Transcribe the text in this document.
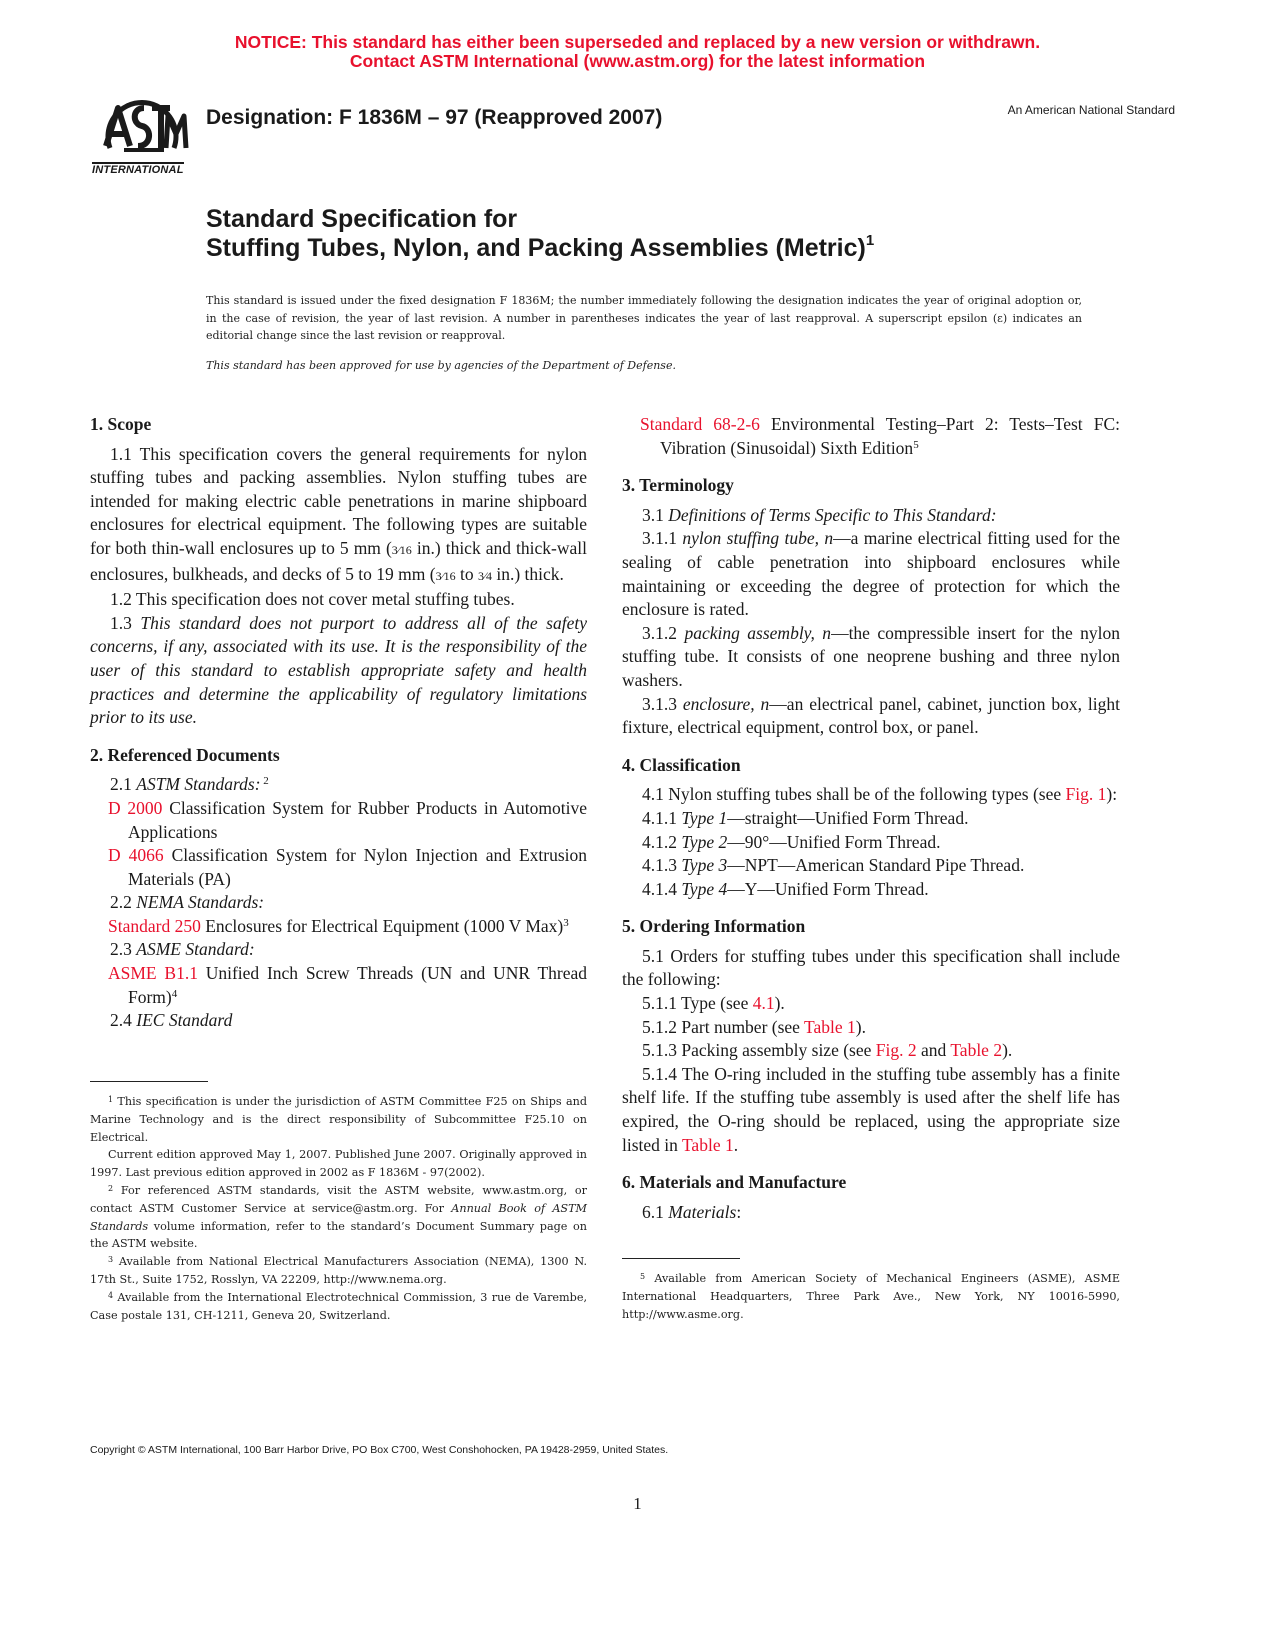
NOTICE: This standard has either been superseded and replaced by a new version or withdrawn.
Contact ASTM International (www.astm.org) for the latest information
INTERNATIONAL
Designation: F 1836M – 97 (Reapproved 2007)	An American National Standard
Standard Specification for
Stuffing Tubes, Nylon, and Packing Assemblies (Metric)$^1$
This standard is issued under the fixed designation F 1836M; the number immediately following the designation indicates the year of original adoption or, in the case of revision, the year of last revision. A number in parentheses indicates the year of last reapproval. A superscript epsilon (ε) indicates an editorial change since the last revision or reapproval.
This standard has been approved for use by agencies of the Department of Defense.

1. Scope

1.1 This specification covers the general requirements for nylon stuffing tubes and packing assemblies. Nylon stuffing tubes are intended for making electric cable penetrations in marine shipboard enclosures for electrical equipment. The following types are suitable for both thin-wall enclosures up to 5 mm (3⁄16 in.) thick and thick-wall enclosures, bulkheads, and decks of 5 to 19 mm (3⁄16 to 3⁄4 in.) thick.

1.2 This specification does not cover metal stuffing tubes.

1.3 This standard does not purport to address all of the safety concerns, if any, associated with its use. It is the responsibility of the user of this standard to establish appropriate safety and health practices and determine the applicability of regulatory limitations prior to its use.

2. Referenced Documents

2.1 ASTM Standards: $^2$

D 2000 Classification System for Rubber Products in Automotive Applications

D 4066 Classification System for Nylon Injection and Extrusion Materials (PA)

2.2 NEMA Standards:

Standard 250 Enclosures for Electrical Equipment (1000 V Max)$^3$

2.3 ASME Standard:

ASME B1.1 Unified Inch Screw Threads (UN and UNR Thread Form)$^4$

2.4 IEC Standard

$^1$ This specification is under the jurisdiction of ASTM Committee F25 on Ships and Marine Technology and is the direct responsibility of Subcommittee F25.10 on Electrical.

Current edition approved May 1, 2007. Published June 2007. Originally approved in 1997. Last previous edition approved in 2002 as F 1836M - 97(2002).

$^2$ For referenced ASTM standards, visit the ASTM website, www.astm.org, or contact ASTM Customer Service at service@astm.org. For Annual Book of ASTM Standards volume information, refer to the standard’s Document Summary page on the ASTM website.

$^3$ Available from National Electrical Manufacturers Association (NEMA), 1300 N. 17th St., Suite 1752, Rosslyn, VA 22209, http://www.nema.org.

$^4$ Available from the International Electrotechnical Commission, 3 rue de Varembe, Case postale 131, CH-1211, Geneva 20, Switzerland.

Standard 68-2-6 Environmental Testing–Part 2: Tests–Test FC: Vibration (Sinusoidal) Sixth Edition$^5$

3. Terminology

3.1 Definitions of Terms Specific to This Standard:

3.1.1 nylon stuffing tube, n—a marine electrical fitting used for the sealing of cable penetration into shipboard enclosures while maintaining or exceeding the degree of protection for which the enclosure is rated.

3.1.2 packing assembly, n—the compressible insert for the nylon stuffing tube. It consists of one neoprene bushing and three nylon washers.

3.1.3 enclosure, n—an electrical panel, cabinet, junction box, light fixture, electrical equipment, control box, or panel.

4. Classification

4.1 Nylon stuffing tubes shall be of the following types (see Fig. 1):

4.1.1 Type 1—straight—Unified Form Thread.

4.1.2 Type 2—90°—Unified Form Thread.

4.1.3 Type 3—NPT—American Standard Pipe Thread.

4.1.4 Type 4—Y—Unified Form Thread.

5. Ordering Information

5.1 Orders for stuffing tubes under this specification shall include the following:

5.1.1 Type (see 4.1).

5.1.2 Part number (see Table 1).

5.1.3 Packing assembly size (see Fig. 2 and Table 2).

5.1.4 The O-ring included in the stuffing tube assembly has a finite shelf life. If the stuffing tube assembly is used after the shelf life has expired, the O-ring should be replaced, using the appropriate size listed in Table 1.

6. Materials and Manufacture

6.1 Materials:

$^5$ Available from American Society of Mechanical Engineers (ASME), ASME International Headquarters, Three Park Ave., New York, NY 10016-5990, http://www.asme.org.

Copyright © ASTM International, 100 Barr Harbor Drive, PO Box C700, West Conshohocken, PA 19428-2959, United States.
1
